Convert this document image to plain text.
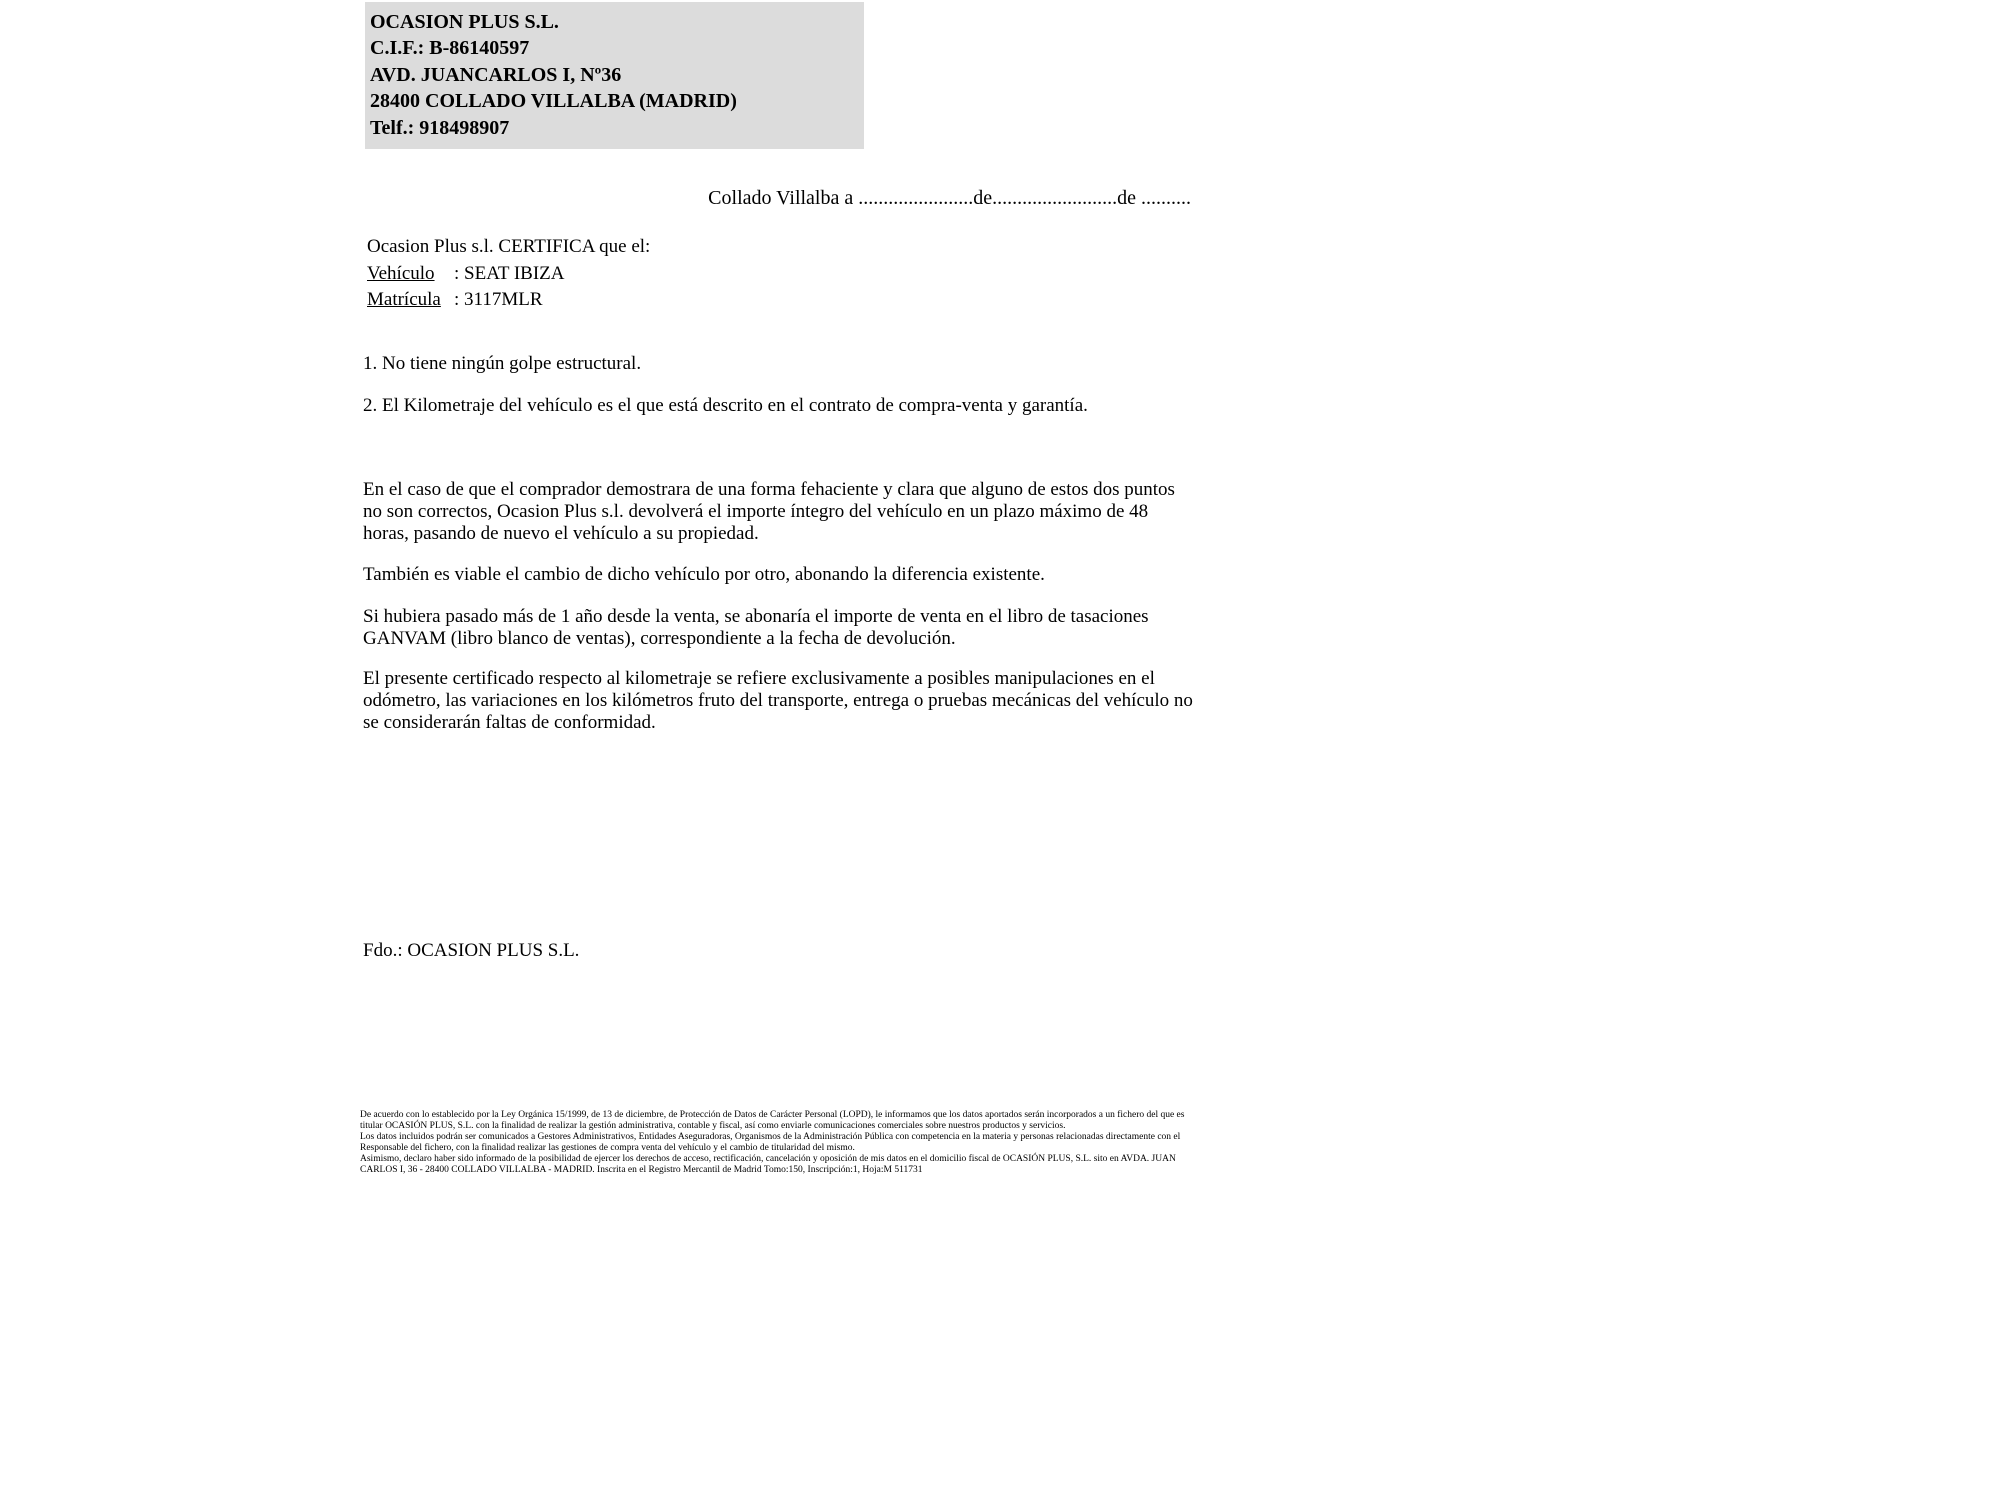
OCASION PLUS S.L.
C.I.F.: B-86140597
AVD. JUANCARLOS I, Nº36
28400 COLLADO VILLALBA (MADRID)
Telf.: 918498907
Collado Villalba a .......................de.........................de ..........
Ocasion Plus s.l. CERTIFICA que el:
Vehículo : SEAT IBIZA
Matrícula : 3117MLR

1. No tiene ningún golpe estructural.

2. El Kilometraje del vehículo es el que está descrito en el contrato de compra-venta y garantía.

En el caso de que el comprador demostrara de una forma fehaciente y clara que alguno de estos dos puntos no son correctos, Ocasion Plus s.l. devolverá el importe íntegro del vehículo en un plazo máximo de 48 horas, pasando de nuevo el vehículo a su propiedad.
También es viable el cambio de dicho vehículo por otro, abonando la diferencia existente.
Si hubiera pasado más de 1 año desde la venta, se abonaría el importe de venta en el libro de tasaciones GANVAM (libro blanco de ventas), correspondiente a la fecha de devolución.
El presente certificado respecto al kilometraje se refiere exclusivamente a posibles manipulaciones en el odómetro, las variaciones en los kilómetros fruto del transporte, entrega o pruebas mecánicas del vehículo no se considerarán faltas de conformidad.
Fdo.: OCASION PLUS S.L.

De acuerdo con lo establecido por la Ley Orgánica 15/1999, de 13 de diciembre, de Protección de Datos de Carácter Personal (LOPD), le informamos que los datos aportados serán incorporados a un fichero del que es titular OCASIÓN PLUS, S.L. con la finalidad de realizar la gestión administrativa, contable y fiscal, así como enviarle comunicaciones comerciales sobre nuestros productos y servicios.

Los datos incluidos podrán ser comunicados a Gestores Administrativos, Entidades Aseguradoras, Organismos de la Administración Pública con competencia en la materia y personas relacionadas directamente con el Responsable del fichero, con la finalidad realizar las gestiones de compra venta del vehículo y el cambio de titularidad del mismo.

Asimismo, declaro haber sido informado de la posibilidad de ejercer los derechos de acceso, rectificación, cancelación y oposición de mis datos en el domicilio fiscal de OCASIÓN PLUS, S.L. sito en AVDA. JUAN CARLOS I, 36 - 28400 COLLADO VILLALBA - MADRID. Inscrita en el Registro Mercantil de Madrid Tomo:150, Inscripción:1, Hoja:M 511731
